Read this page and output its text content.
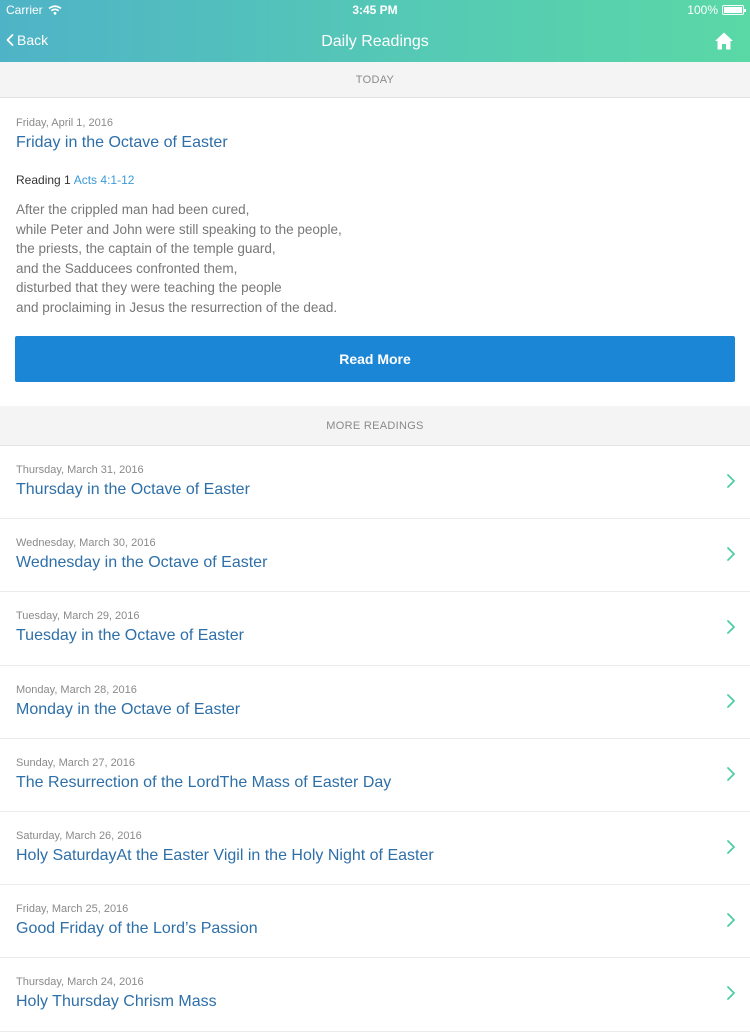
Carrier	3:45 PM	100%
Back	Daily Readings
TODAY
Friday, April 1, 2016
Friday in the Octave of Easter
Reading 1 Acts 4:1-12
After the crippled man had been cured,
while Peter and John were still speaking to the people,
the priests, the captain of the temple guard,
and the Sadducees confronted them,
disturbed that they were teaching the people
and proclaiming in Jesus the resurrection of the dead.
Read More
MORE READINGS
Thursday, March 31, 2016
Thursday in the Octave of Easter
Wednesday, March 30, 2016
Wednesday in the Octave of Easter
Tuesday, March 29, 2016
Tuesday in the Octave of Easter
Monday, March 28, 2016
Monday in the Octave of Easter
Sunday, March 27, 2016
The Resurrection of the LordThe Mass of Easter Day
Saturday, March 26, 2016
Holy SaturdayAt the Easter Vigil in the Holy Night of Easter
Friday, March 25, 2016
Good Friday of the Lord’s Passion
Thursday, March 24, 2016
Holy Thursday Chrism Mass
